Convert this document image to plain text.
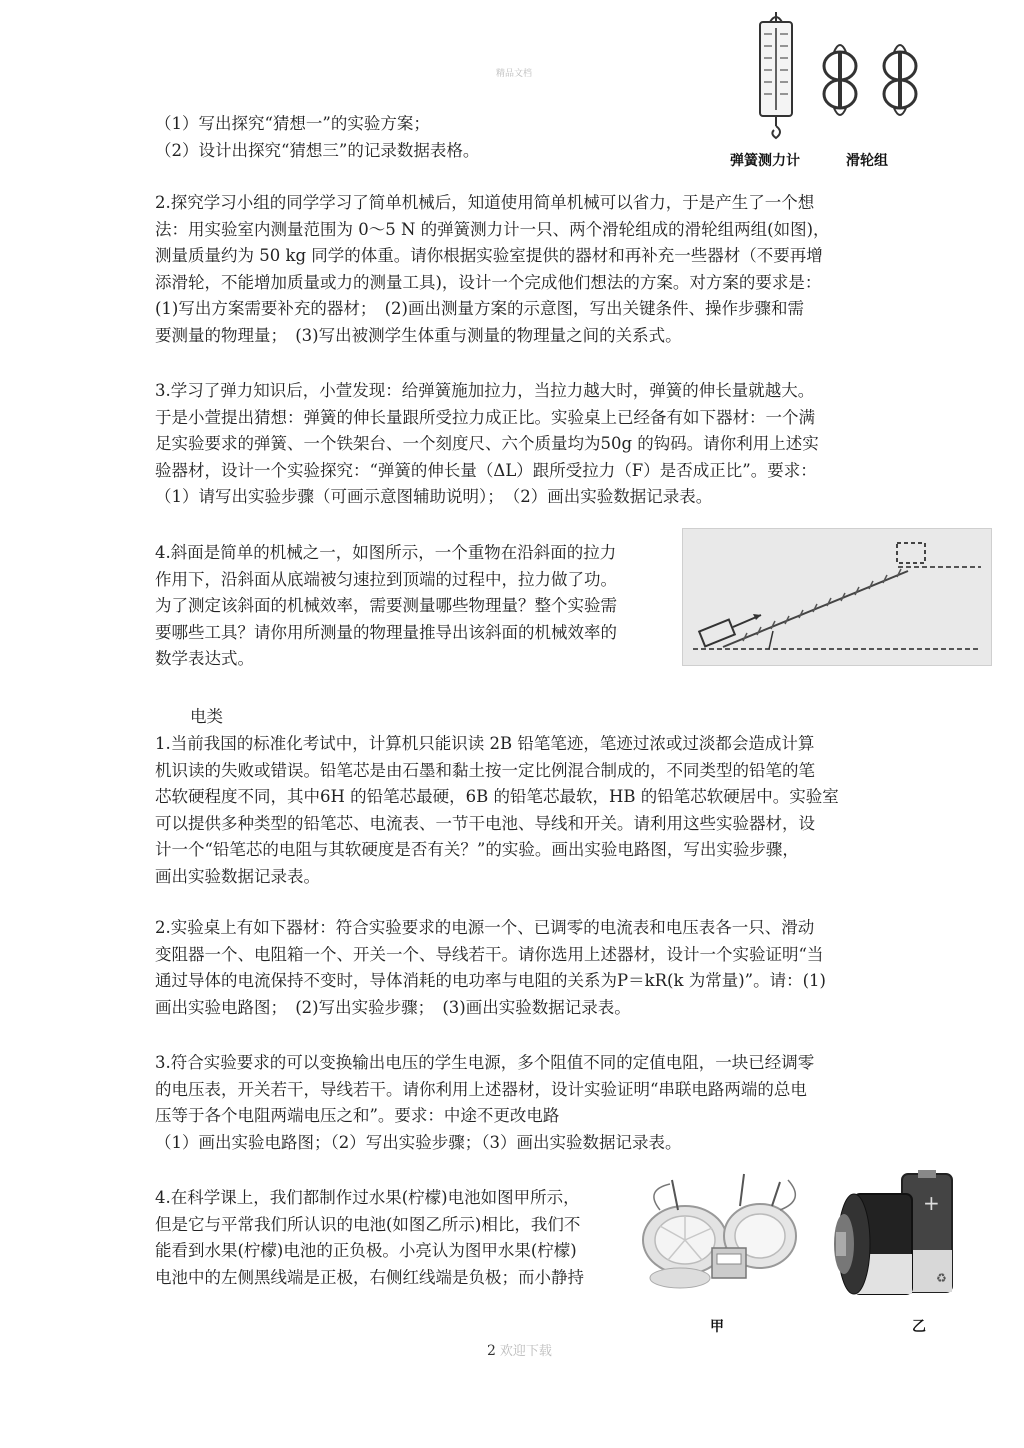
精品文档
（1）写出探究“猜想一”的实验方案；
（2）设计出探究“猜想三”的记录数据表格。
弹簧测力计	滑轮组
2.探究学习小组的同学学习了简单机械后，知道使用简单机械可以省力，于是产生了一个想
法：用实验室内测量范围为 0～5 N 的弹簧测力计一只、两个滑轮组成的滑轮组两组(如图)，
测量质量约为 50 kg 同学的体重。请你根据实验室提供的器材和再补充一些器材（不要再增
添滑轮，不能增加质量或力的测量工具)，设计一个完成他们想法的方案。对方案的要求是：
(1)写出方案需要补充的器材；　(2)画出测量方案的示意图，写出关键条件、操作步骤和需
要测量的物理量；　(3)写出被测学生体重与测量的物理量之间的关系式。
3.学习了弹力知识后，小萱发现：给弹簧施加拉力，当拉力越大时，弹簧的伸长量就越大。
于是小萱提出猜想：弹簧的伸长量跟所受拉力成正比。实验桌上已经备有如下器材：一个满
足实验要求的弹簧、一个铁架台、一个刻度尺、六个质量均为50g 的钩码。请你利用上述实
验器材，设计一个实验探究：“弹簧的伸长量（ΔL）跟所受拉力（F）是否成正比”。要求：
（1）请写出实验步骤（可画示意图辅助说明）；　（2）画出实验数据记录表。
4.斜面是简单的机械之一，如图所示，一个重物在沿斜面的拉力
作用下，沿斜面从底端被匀速拉到顶端的过程中，拉力做了功。
为了测定该斜面的机械效率，需要测量哪些物理量？整个实验需
要哪些工具？请你用所测量的物理量推导出该斜面的机械效率的
数学表达式。
电类
1.当前我国的标准化考试中，计算机只能识读 2B 铅笔笔迹，笔迹过浓或过淡都会造成计算
机识读的失败或错误。铅笔芯是由石墨和黏土按一定比例混合制成的，不同类型的铅笔的笔
芯软硬程度不同，其中6H 的铅笔芯最硬，6B 的铅笔芯最软，HB 的铅笔芯软硬居中。实验室
可以提供多种类型的铅笔芯、电流表、一节干电池、导线和开关。请利用这些实验器材，设
计一个“铅笔芯的电阻与其软硬度是否有关？”的实验。画出实验电路图，写出实验步骤，
画出实验数据记录表。
2.实验桌上有如下器材：符合实验要求的电源一个、已调零的电流表和电压表各一只、滑动
变阻器一个、电阻箱一个、开关一个、导线若干。请你选用上述器材，设计一个实验证明“当
通过导体的电流保持不变时，导体消耗的电功率与电阻的关系为P＝kR(k 为常量)”。请：(1)
画出实验电路图；　(2)写出实验步骤；　(3)画出实验数据记录表。
3.符合实验要求的可以变换输出电压的学生电源，多个阻值不同的定值电阻，一块已经调零
的电压表，开关若干，导线若干。请你利用上述器材，设计实验证明“串联电路两端的总电
压等于各个电阻两端电压之和”。要求：中途不更改电路
（1）画出实验电路图；（2）写出实验步骤；（3）画出实验数据记录表。
4.在科学课上，我们都制作过水果(柠檬)电池如图甲所示，
但是它与平常我们所认识的电池(如图乙所示)相比，我们不
能看到水果(柠檬)电池的正负极。小亮认为图甲水果(柠檬)
电池中的左侧黑线端是正极，右侧红线端是负极；而小静持
+
♻
甲	乙
2 欢迎下载
